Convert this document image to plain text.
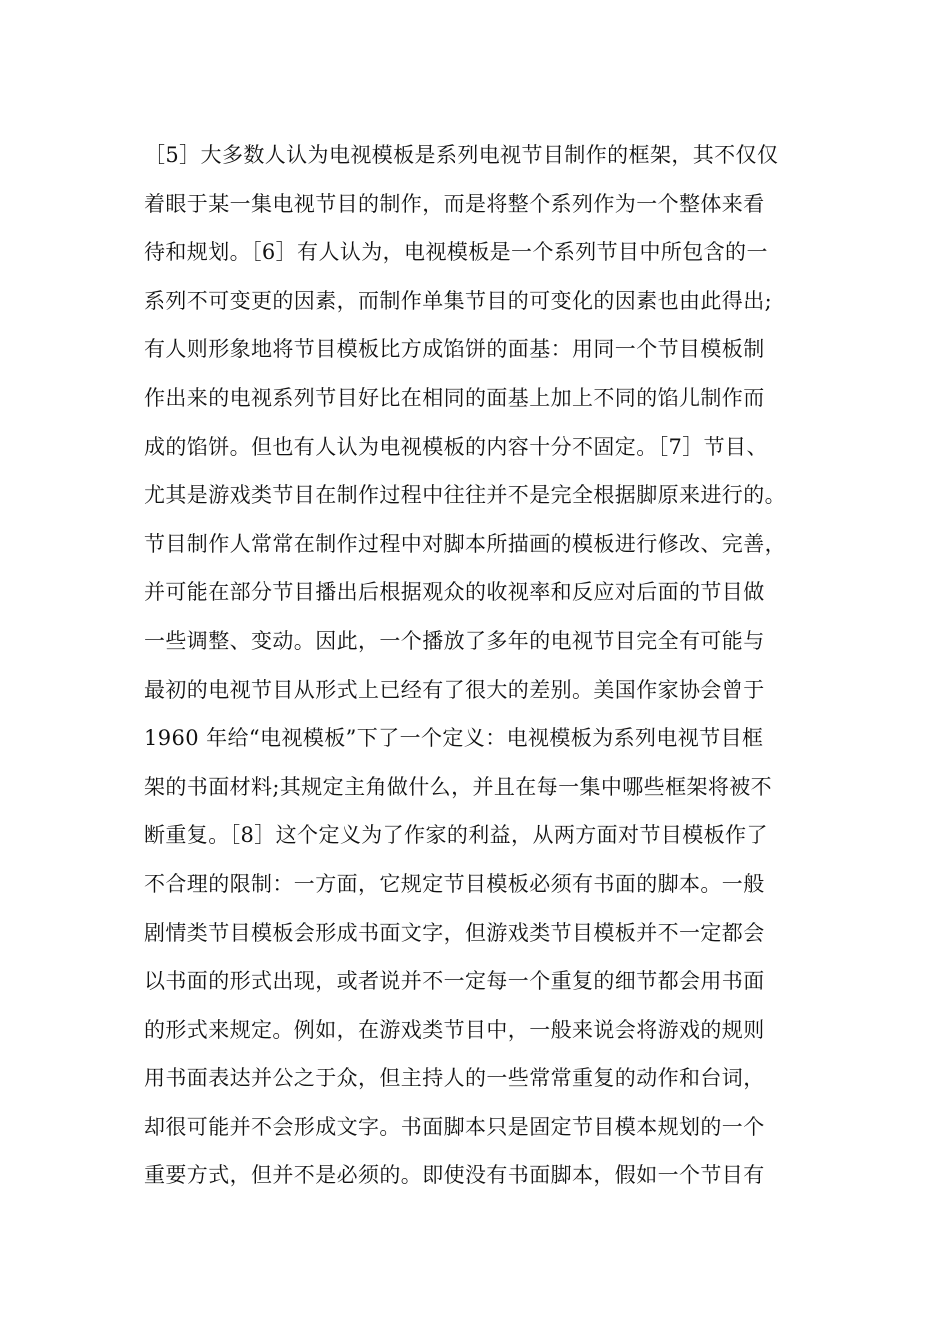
［5］大多数人认为电视模板是系列电视节目制作的框架，其不仅仅
着眼于某一集电视节目的制作，而是将整个系列作为一个整体来看
待和规划。［6］有人认为，电视模板是一个系列节目中所包含的一
系列不可变更的因素，而制作单集节目的可变化的因素也由此得出;
有人则形象地将节目模板比方成馅饼的面基：用同一个节目模板制
作出来的电视系列节目好比在相同的面基上加上不同的馅儿制作而
成的馅饼。但也有人认为电视模板的内容十分不固定。［7］节目、
尤其是游戏类节目在制作过程中往往并不是完全根据脚原来进行的。
节目制作人常常在制作过程中对脚本所描画的模板进行修改、完善，
并可能在部分节目播出后根据观众的收视率和反应对后面的节目做
一些调整、变动。因此，一个播放了多年的电视节目完全有可能与
最初的电视节目从形式上已经有了很大的差别。美国作家协会曾于
1960 年给“电视模板”下了一个定义：电视模板为系列电视节目框
架的书面材料;其规定主角做什么，并且在每一集中哪些框架将被不
断重复。［8］这个定义为了作家的利益，从两方面对节目模板作了
不合理的限制：一方面，它规定节目模板必须有书面的脚本。一般
剧情类节目模板会形成书面文字，但游戏类节目模板并不一定都会
以书面的形式出现，或者说并不一定每一个重复的细节都会用书面
的形式来规定。例如，在游戏类节目中，一般来说会将游戏的规则
用书面表达并公之于众，但主持人的一些常常重复的动作和台词，
却很可能并不会形成文字。书面脚本只是固定节目模本规划的一个
重要方式，但并不是必须的。即使没有书面脚本，假如一个节目有
